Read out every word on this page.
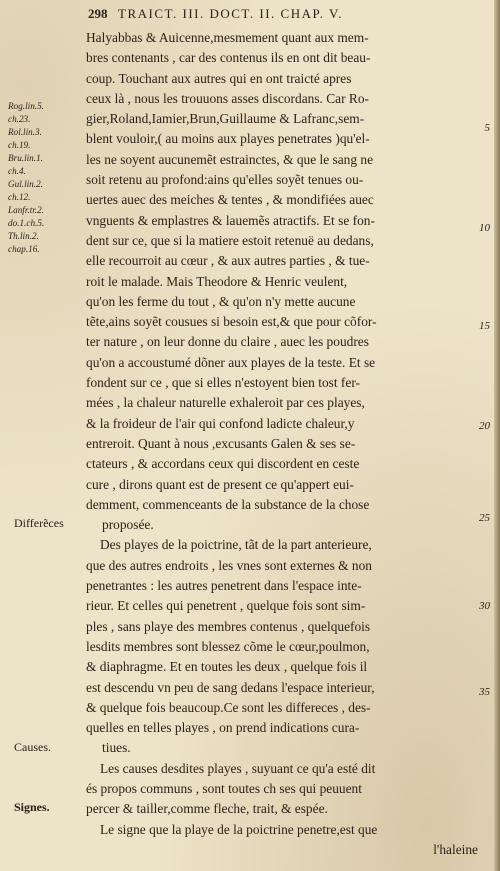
298 TRAICT. III. DOCT. II. CHAP. V.
Rog.lin.5.
ch.23.
Rol.lin.3.
ch.19.
Bru.lin.1.
ch.4.
Gul.lin.2.
ch.12.
Lanfr.tr.2.
do.1.ch.5.
Th.lin.2.
chap.16.
Differẽces
Causes.
Signes.
5
10
15
20
25
30
35
Halyabbas & Auicenne,mesmement quant aux mem-
bres contenants , car des contenus ils en ont dit beau-
coup. Touchant aux autres qui en ont traicté apres
ceux là , nous les trouuons asses discordans. Car Ro-
gier,Roland,Iamier,Brun,Guillaume & Lafranc,sem-
blent vouloir,( au moins aux playes penetrates )qu'el-
les ne soyent aucunemẽt estrainctes, & que le sang ne
soit retenu au profond:ains qu'elles soyẽt tenues ou-
uertes auec des meiches & tentes , & mondifiées auec
vnguents & emplastres & lauemẽs atractifs. Et se fon-
dent sur ce, que si la matiere estoit retenuë au dedans,
elle recourroit au cœur , & aux autres parties , & tue-
roit le malade. Mais Theodore & Henric veulent,
qu'on les ferme du tout , & qu'on n'y mette aucune
tẽte,ains soyẽt cousues si besoin est,& que pour cõfor-
ter nature , on leur donne du claire , auec les poudres
qu'on a accoustumé dõner aux playes de la teste. Et se
fondent sur ce , que si elles n'estoyent bien tost fer-
mées , la chaleur naturelle exhaleroit par ces playes,
& la froideur de l'air qui confond ladicte chaleur,y
entreroit. Quant à nous ,excusants Galen & ses se-
ctateurs , & accordans ceux qui discordent en ceste
cure , dirons quant est de present ce qu'appert eui-
demment, commenceants de la substance de la chose
proposée.
Des playes de la poictrine, tãt de la part anterieure,
que des autres endroits , les vnes sont externes & non
penetrantes : les autres penetrent dans l'espace inte-
rieur. Et celles qui penetrent , quelque fois sont sim-
ples , sans playe des membres contenus , quelquefois
lesdits membres sont blessez cõme le cœur,poulmon,
& diaphragme. Et en toutes les deux , quelque fois il
est descendu vn peu de sang dedans l'espace interieur,
& quelque fois beaucoup.Ce sont les differeces , des-
quelles en telles playes , on prend indications cura-
tiues.
Les causes desdites playes , suyuant ce qu'a esté dit
és propos communs , sont toutes ch ses qui peuuent
percer & tailler,comme fleche, trait, & espée.
Le signe que la playe de la poictrine penetre,est que
l'haleine
